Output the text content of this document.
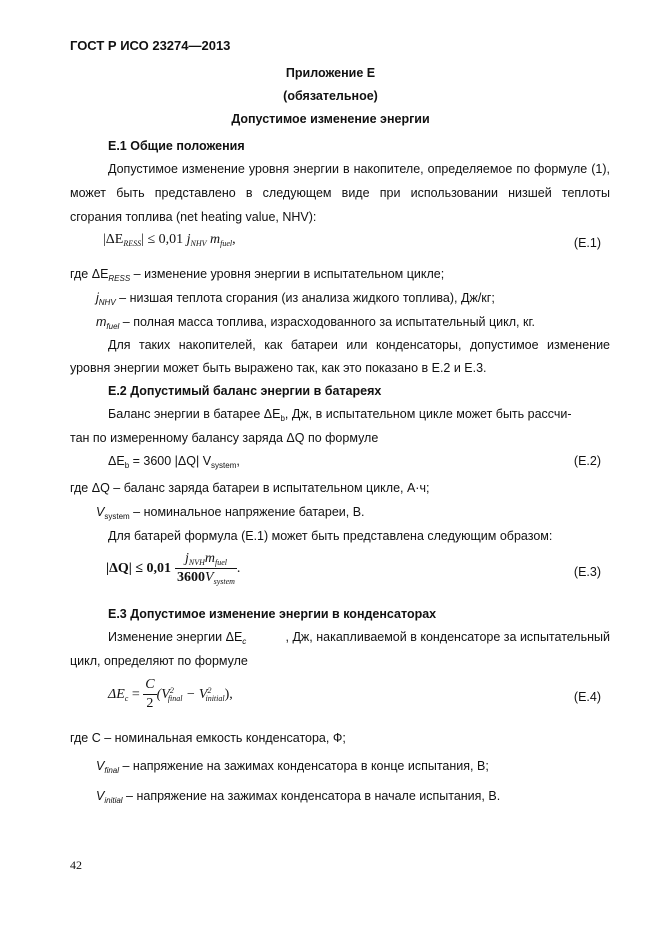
ГОСТ Р ИСО 23274—2013
Приложение Е
(обязательное)
Допустимое изменение энергии
Е.1 Общие положения
Допустимое изменение уровня энергии в накопителе, определяемое по формуле (1),
может быть представлено в следующем виде при использовании низшей теплоты
сгорания топлива (net heating value, NHV):
$|\Delta E_{RESS}| \le 0,01$ $j_{NHV}$ $m_{fuel}$,	(Е.1)
где $\Delta E_{RESS}$ – изменение уровня энергии в испытательном цикле;
$j_{NHV}$ – низшая теплота сгорания (из анализа жидкого топлива), Дж/кг;
$m_{fuel}$ – полная масса топлива, израсходованного за испытательный цикл, кг.
Для таких накопителей, как батареи или конденсаторы, допустимое изменение
уровня энергии может быть выражено так, как это показано в Е.2 и Е.3.
Е.2 Допустимый баланс энергии в батареях
Баланс энергии в батарее $\Delta E_b$, Дж, в испытательном цикле может быть рассчи-
тан по измеренному балансу заряда ΔQ по формуле
$\Delta E_b = 3600$ |ΔQ| $V_{system}$,	(Е.2)
где ΔQ – баланс заряда батареи в испытательном цикле, А·ч;
$V_{system}$ – номинальное напряжение батареи, В.
Для батарей формула (Е.1) может быть представлена следующим образом:
$|\Delta Q| \le 0,01 \frac{j_{NVH}m_{fuel}}{3600V_{system}}$ .	(Е.3)
Е.3 Допустимое изменение энергии в конденсаторах
Изменение энергии $\Delta E_c$	, Дж, накапливаемой в конденсаторе за испытательный
цикл, определяют по формуле
$\Delta E_c = \frac{C}{2} (V^2_{final} - V^2_{initial}$ ),	(Е.4)
где C – номинальная емкость конденсатора, Ф;
$V_{final}$ – напряжение на зажимах конденсатора в конце испытания, В;
$V_{initial}$ – напряжение на зажимах конденсатора в начале испытания, В.
42
